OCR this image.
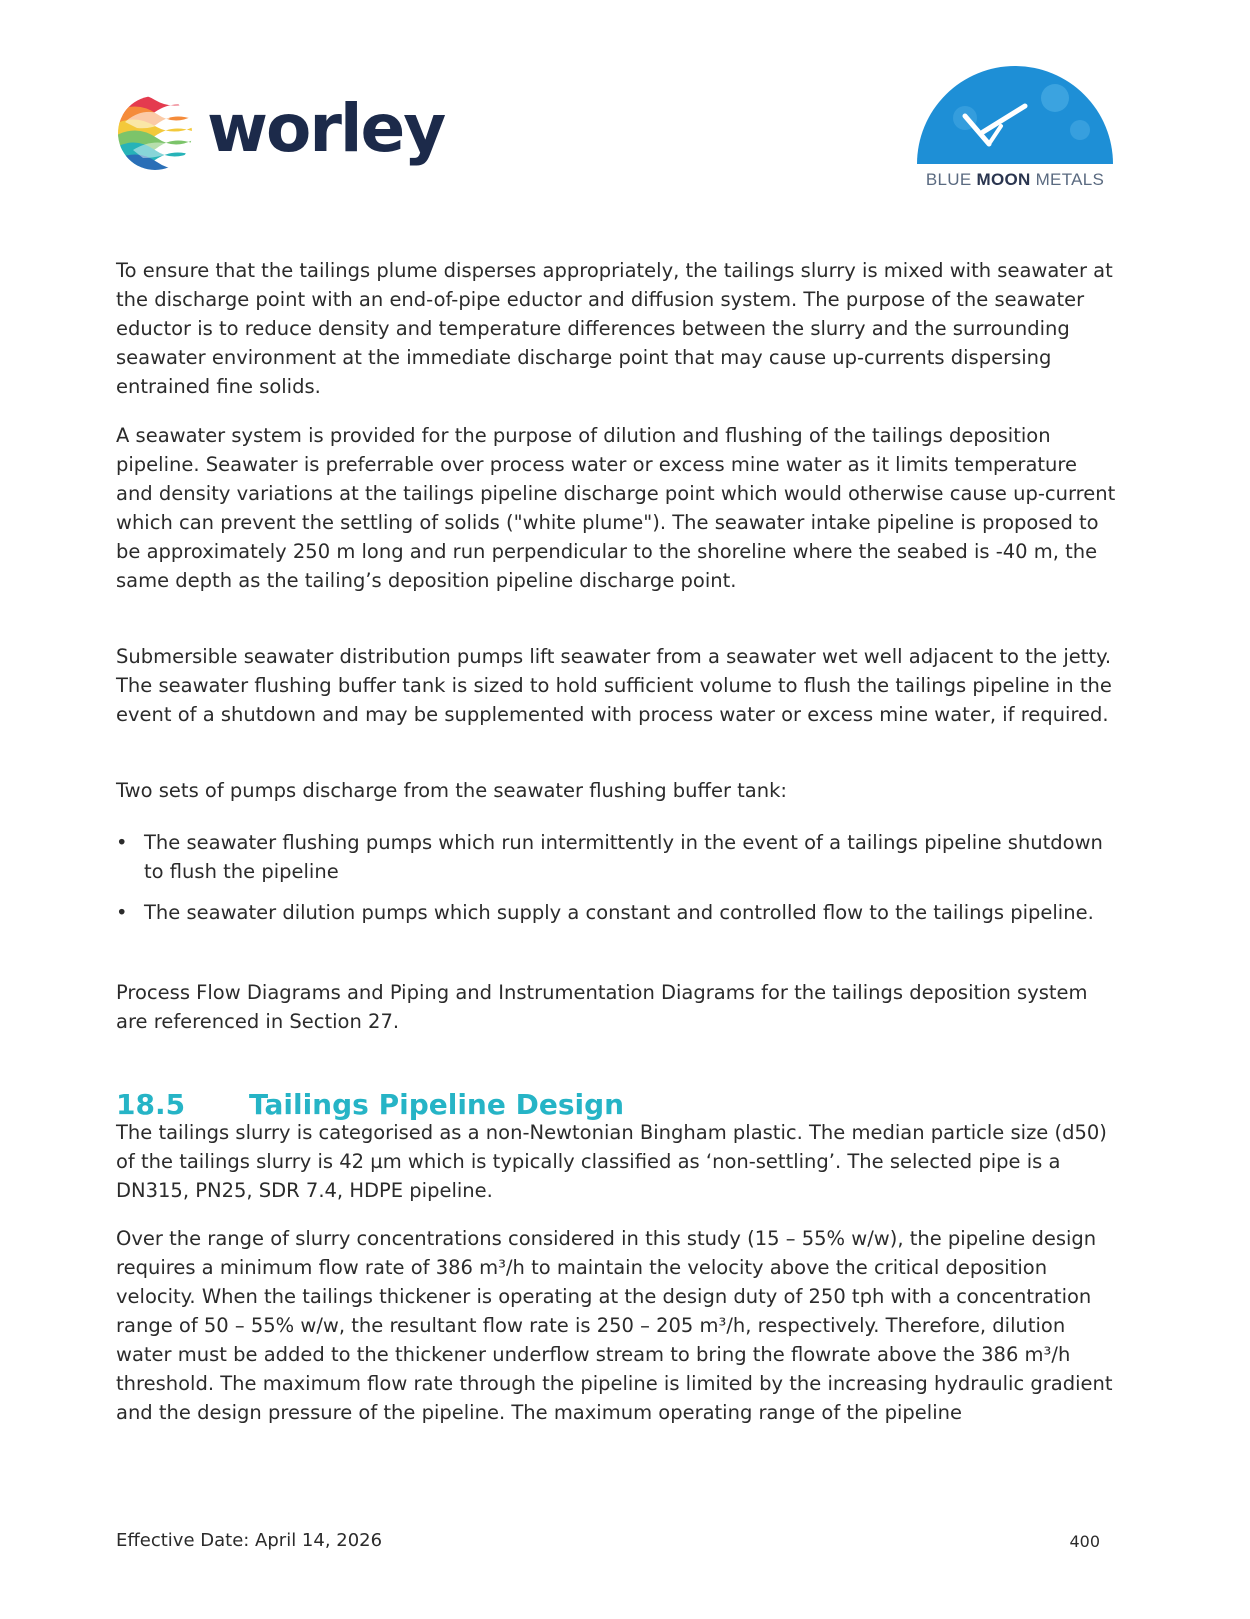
worley
BLUE MOON METALS

To ensure that the tailings plume disperses appropriately, the tailings slurry is mixed with seawater at the discharge point with an end-of-pipe eductor and diffusion system. The purpose of the seawater eductor is to reduce density and temperature differences between the slurry and the surrounding seawater environment at the immediate discharge point that may cause up-currents dispersing entrained fine solids.

A seawater system is provided for the purpose of dilution and flushing of the tailings deposition pipeline. Seawater is preferrable over process water or excess mine water as it limits temperature and density variations at the tailings pipeline discharge point which would otherwise cause up-current which can prevent the settling of solids ("white plume"). The seawater intake pipeline is proposed to be approximately 250 m long and run perpendicular to the shoreline where the seabed is -40 m, the same depth as the tailing’s deposition pipeline discharge point.

Submersible seawater distribution pumps lift seawater from a seawater wet well adjacent to the jetty. The seawater flushing buffer tank is sized to hold sufficient volume to flush the tailings pipeline in the event of a shutdown and may be supplemented with process water or excess mine water, if required.

Two sets of pumps discharge from the seawater flushing buffer tank:

• The seawater flushing pumps which run intermittently in the event of a tailings pipeline shutdown to flush the pipeline
• The seawater dilution pumps which supply a constant and controlled flow to the tailings pipeline.

Process Flow Diagrams and Piping and Instrumentation Diagrams for the tailings deposition system are referenced in Section 27.

18.5 Tailings Pipeline Design

The tailings slurry is categorised as a non-Newtonian Bingham plastic. The median particle size (d50) of the tailings slurry is 42 µm which is typically classified as ‘non-settling’. The selected pipe is a DN315, PN25, SDR 7.4, HDPE pipeline.

Over the range of slurry concentrations considered in this study (15 – 55% w/w), the pipeline design requires a minimum flow rate of 386 m³/h to maintain the velocity above the critical deposition velocity. When the tailings thickener is operating at the design duty of 250 tph with a concentration range of 50 – 55% w/w, the resultant flow rate is 250 – 205 m³/h, respectively. Therefore, dilution water must be added to the thickener underflow stream to bring the flowrate above the 386 m³/h threshold. The maximum flow rate through the pipeline is limited by the increasing hydraulic gradient and the design pressure of the pipeline. The maximum operating range of the pipeline

Effective Date: April 14, 2026	400
